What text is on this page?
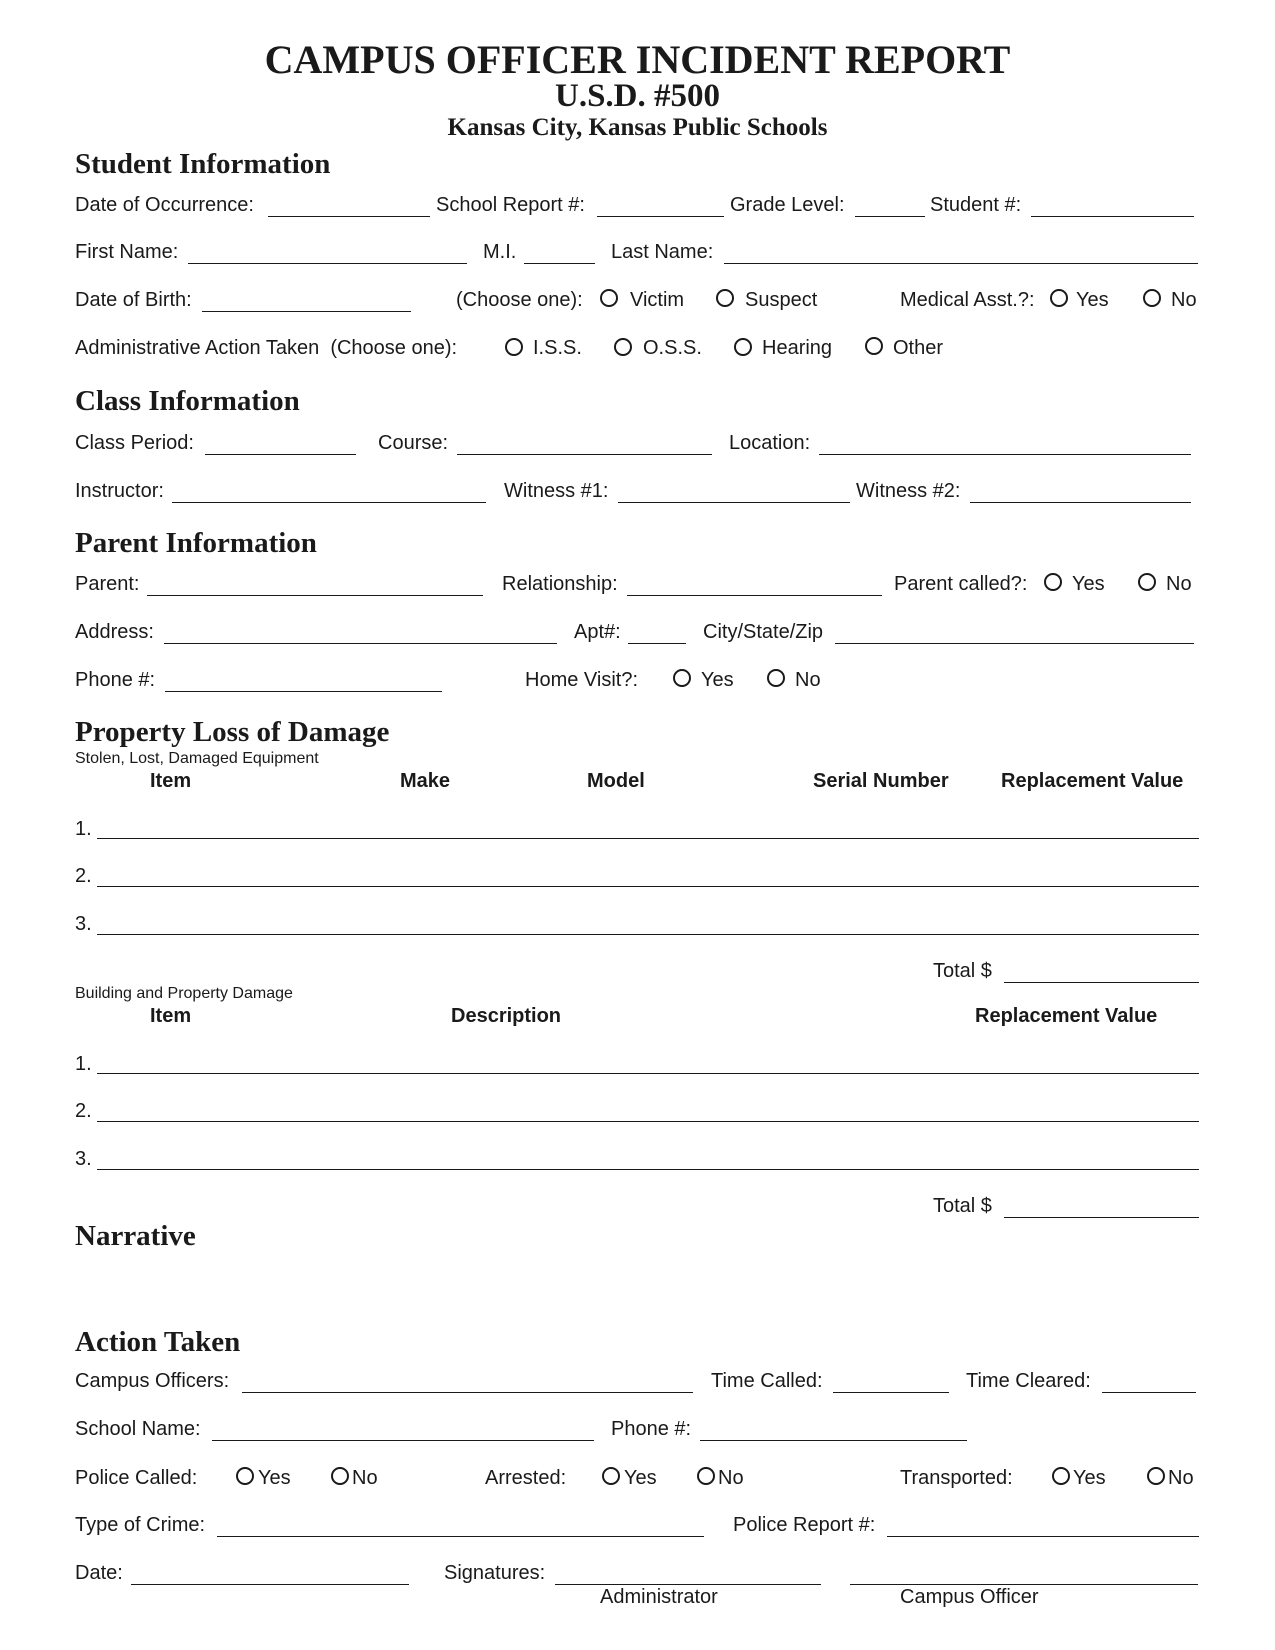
CAMPUS OFFICER INCIDENT REPORT
U.S.D. #500
Kansas City, Kansas Public Schools
Student Information
Date of Occurrence:	School Report #:	Grade Level:	Student #:
First Name:	M.I.	Last Name:
Date of Birth:	(Choose one): Victim	Suspect	Medical Asst.?: Yes	No
Administrative Action Taken  (Choose one):	I.S.S.	O.S.S.	Hearing	Other
Class Information
Class Period:	Course:	Location:
Instructor:	Witness #1:	Witness #2:
Parent Information
Parent:	Relationship:	Parent called?: Yes	No
Address:	Apt#:	City/State/Zip
Phone #:	Home Visit?:	Yes	No
Property Loss of Damage
Stolen, Lost, Damaged Equipment
Item	Make	Model	Serial Number	Replacement Value
1.
2.
3.
Total $
Building and Property Damage
Item	Description	Replacement Value
1.
2.
3.
Total $
Narrative
Action Taken
Campus Officers:	Time Called:	Time Cleared:
School Name:	Phone #:
Police Called:	Yes	No	Arrested:	Yes	No	Transported:	Yes	No
Type of Crime:	Police Report #:
Date:	Signatures:
Administrator	Campus Officer
